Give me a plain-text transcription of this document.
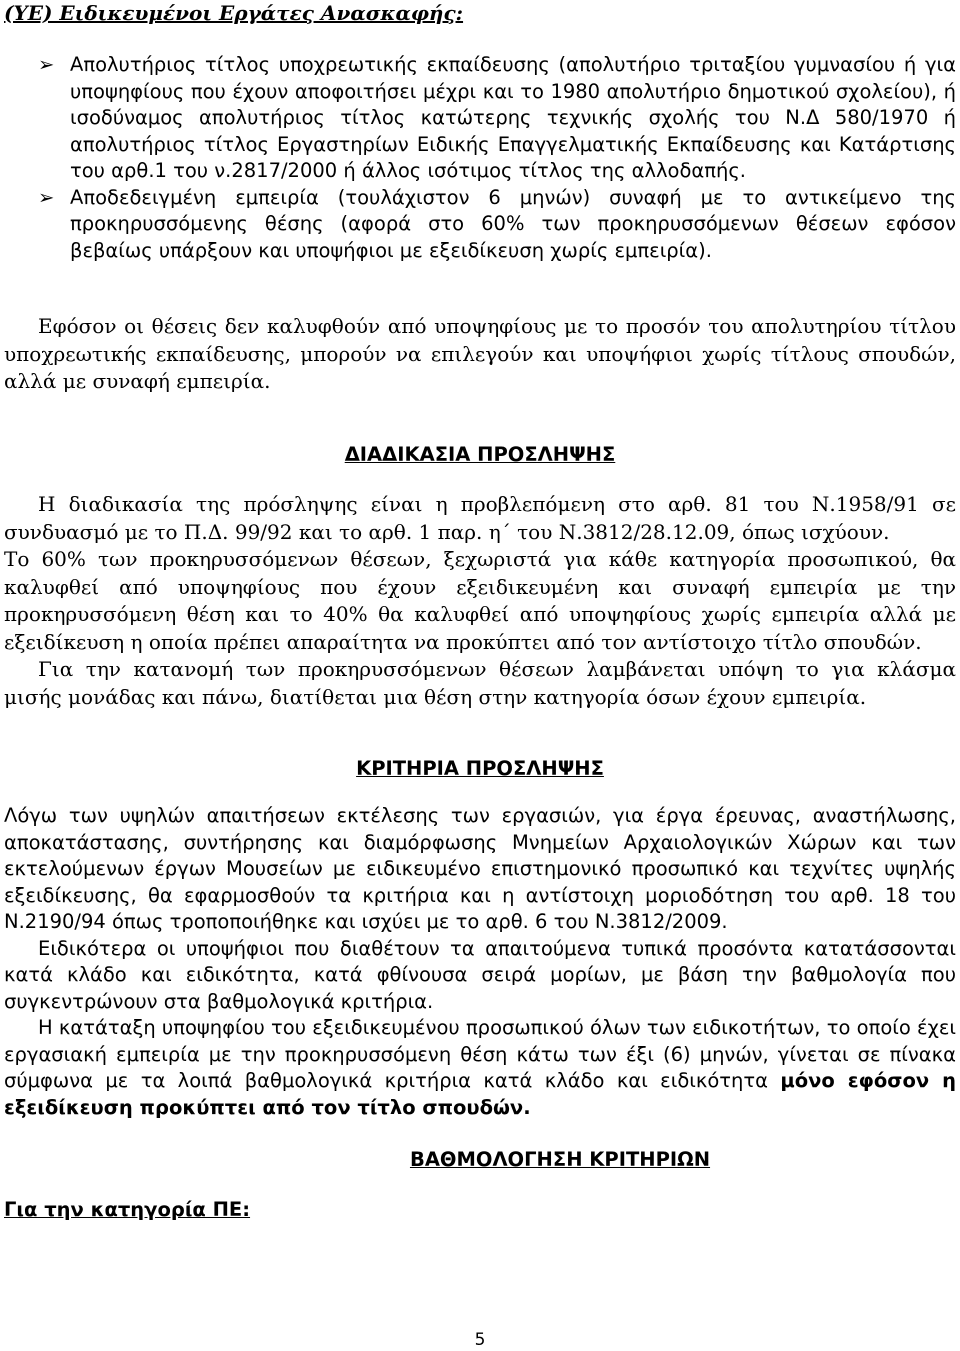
(ΥΕ) Ειδικευμένοι Εργάτες Ανασκαφής:

➢ Απολυτήριος τίτλος υποχρεωτικής εκπαίδευσης (απολυτήριο τριταξίου γυμνασίου ή για υποψηφίους που έχουν αποφοιτήσει μέχρι και το 1980 απολυτήριο δημοτικού σχολείου), ή ισοδύναμος απολυτήριος τίτλος κατώτερης τεχνικής σχολής του Ν.Δ 580/1970 ή απολυτήριος τίτλος Εργαστηρίων Ειδικής Επαγγελματικής Εκπαίδευσης και Κατάρτισης του αρθ.1 του ν.2817/2000 ή άλλος ισότιμος τίτλος της αλλοδαπής.

➢ Αποδεδειγμένη εμπειρία (τουλάχιστον 6 μηνών) συναφή με το αντικείμενο της προκηρυσσόμενης θέσης (αφορά στο 60% των προκηρυσσόμενων θέσεων εφόσον βεβαίως υπάρξουν και υποψήφιοι με εξειδίκευση χωρίς εμπειρία).

Εφόσον οι θέσεις δεν καλυφθούν από υποψηφίους με το προσόν του απολυτηρίου τίτλου υποχρεωτικής εκπαίδευσης, μπορούν να επιλεγούν και υποψήφιοι χωρίς τίτλους σπουδών, αλλά με συναφή εμπειρία.

ΔΙΑΔΙΚΑΣΙΑ ΠΡΟΣΛΗΨΗΣ

Η διαδικασία της πρόσληψης είναι η προβλεπόμενη στο αρθ. 81 του Ν.1958/91 σε συνδυασμό με το Π.Δ. 99/92 και το αρθ. 1 παρ. η΄ του Ν.3812/28.12.09, όπως ισχύουν.

Το 60% των προκηρυσσόμενων θέσεων, ξεχωριστά για κάθε κατηγορία προσωπικού, θα καλυφθεί από υποψηφίους που έχουν εξειδικευμένη και συναφή εμπειρία με την προκηρυσσόμενη θέση και το 40% θα καλυφθεί από υποψηφίους χωρίς εμπειρία αλλά με εξειδίκευση η οποία πρέπει απαραίτητα να προκύπτει από τον αντίστοιχο τίτλο σπουδών.

Για την κατανομή των προκηρυσσόμενων θέσεων λαμβάνεται υπόψη το για κλάσμα μισής μονάδας και πάνω, διατίθεται μια θέση στην κατηγορία όσων έχουν εμπειρία.

ΚΡΙΤΗΡΙΑ ΠΡΟΣΛΗΨΗΣ

Λόγω των υψηλών απαιτήσεων εκτέλεσης των εργασιών, για έργα έρευνας, αναστήλωσης, αποκατάστασης, συντήρησης και διαμόρφωσης Μνημείων Αρχαιολογικών Χώρων και των εκτελούμενων έργων Μουσείων με ειδικευμένο επιστημονικό προσωπικό και τεχνίτες υψηλής εξειδίκευσης, θα εφαρμοσθούν τα κριτήρια και η αντίστοιχη μοριοδότηση του αρθ. 18 του Ν.2190/94 όπως τροποποιήθηκε και ισχύει με το αρθ. 6 του Ν.3812/2009.

Ειδικότερα οι υποψήφιοι που διαθέτουν τα απαιτούμενα τυπικά προσόντα κατατάσσονται κατά κλάδο και ειδικότητα, κατά φθίνουσα σειρά μορίων, με βάση την βαθμολογία που συγκεντρώνουν στα βαθμολογικά κριτήρια.

Η κατάταξη υποψηφίου του εξειδικευμένου προσωπικού όλων των ειδικοτήτων, το οποίο έχει εργασιακή εμπειρία με την προκηρυσσόμενη θέση κάτω των έξι (6) μηνών, γίνεται σε πίνακα σύμφωνα με τα λοιπά βαθμολογικά κριτήρια κατά κλάδο και ειδικότητα μόνο εφόσον η εξειδίκευση προκύπτει από τον τίτλο σπουδών.

ΒΑΘΜΟΛΟΓΗΣΗ ΚΡΙΤΗΡΙΩΝ

Για την κατηγορία ΠΕ:

5
